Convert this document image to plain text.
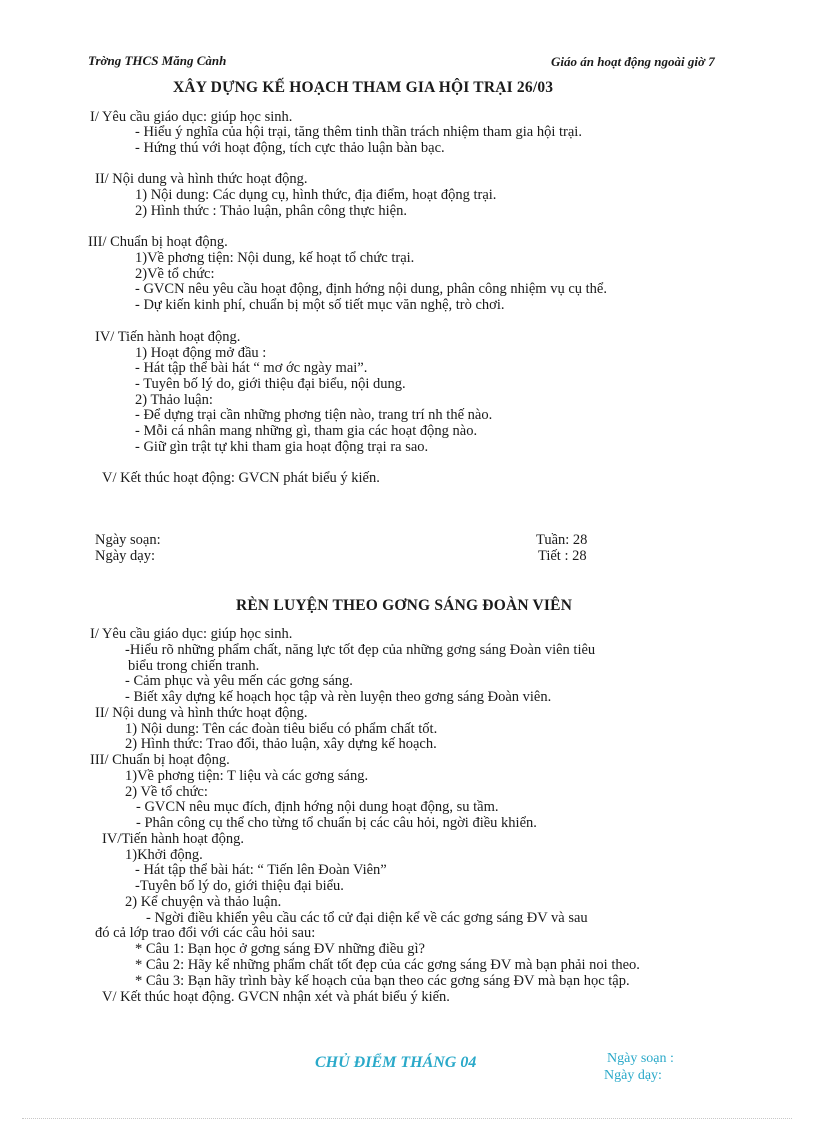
Trờng THCS Măng Cành	Giáo án hoạt động ngoài giờ 7
XÂY DỰNG KẾ HOẠCH THAM GIA HỘI TRẠI 26/03
I/ Yêu cầu giáo dục: giúp học sinh.
- Hiểu ý nghĩa của hội trại, tăng thêm tinh thần trách nhiệm tham gia hội trại.
- Hứng thú với hoạt động, tích cực thảo luận bàn bạc.
II/ Nội dung và hình thức hoạt động.
1) Nội dung: Các dụng cụ, hình thức, địa điểm, hoạt động trại.
2) Hình thức : Thảo luận, phân công thực hiện.
III/ Chuẩn bị hoạt động.
1)Về phơng tiện: Nội dung, kế hoạt tổ chức trại.
2)Về tổ chức:
- GVCN nêu yêu cầu hoạt động, định hớng nội dung, phân công nhiệm vụ cụ thể.
- Dự kiến kinh phí, chuẩn bị một số tiết mục văn nghệ, trò chơi.
IV/ Tiến hành hoạt động.
1) Hoạt động mở đầu :
- Hát tập thể bài hát “ mơ ớc ngày mai”.
- Tuyên bố lý do, giới thiệu đại biểu, nội dung.
2) Thảo luận:
- Để dựng trại cần những phơng tiện nào, trang trí nh thế nào.
- Mỗi cá nhân mang những gì, tham gia các hoạt động nào.
- Giữ gìn trật tự khi tham gia hoạt động trại ra sao.
V/ Kết thúc hoạt động: GVCN phát biểu ý kiến.
Ngày soạn:
Ngày dạy:
Tuần: 28
Tiết : 28
RÈN LUYỆN THEO GƠNG SÁNG ĐOÀN VIÊN
I/ Yêu cầu giáo dục: giúp học sinh.
-Hiểu rõ những phẩm chất, năng lực tốt đẹp của những gơng sáng Đoàn viên tiêu
biểu trong chiến tranh.
- Cảm phục và yêu mến các gơng sáng.
- Biết xây dựng kế hoạch học tập và rèn luyện theo gơng sáng Đoàn viên.
II/ Nội dung và hình thức hoạt động.
1) Nội dung: Tên các đoàn tiêu biểu có phẩm chất tốt.
2) Hình thức: Trao đổi, thảo luận, xây dựng kế hoạch.
III/ Chuẩn bị hoạt động.
1)Về phơng tiện: T liệu và các gơng sáng.
2) Về tổ chức:
- GVCN nêu mục đích, định hớng nội dung hoạt động, su tầm.
- Phân công cụ thể cho từng tổ chuẩn bị các câu hỏi, ngời điều khiển.
IV/Tiến hành hoạt động.
1)Khởi động.
- Hát tập thể bài hát: “ Tiến lên Đoàn Viên”
-Tuyên bố lý do, giới thiệu đại biểu.
2) Kể chuyện và thảo luận.
- Ngời điều khiển yêu cầu các tổ cử đại diện kể về các gơng sáng ĐV và sau
đó cả lớp trao đổi với các câu hỏi sau:
* Câu 1: Bạn học ở gơng sáng ĐV những điều gì?
* Câu 2: Hãy kể những phẩm chất tốt đẹp của các gơng sáng ĐV mà bạn phải noi theo.
* Câu 3: Bạn hãy trình bày kế hoạch của bạn theo các gơng sáng ĐV mà bạn học tập.
V/ Kết thúc hoạt động. GVCN nhận xét và phát biểu ý kiến.
CHỦ ĐIỂM THÁNG 04	Ngày soạn :
Ngày dạy:
